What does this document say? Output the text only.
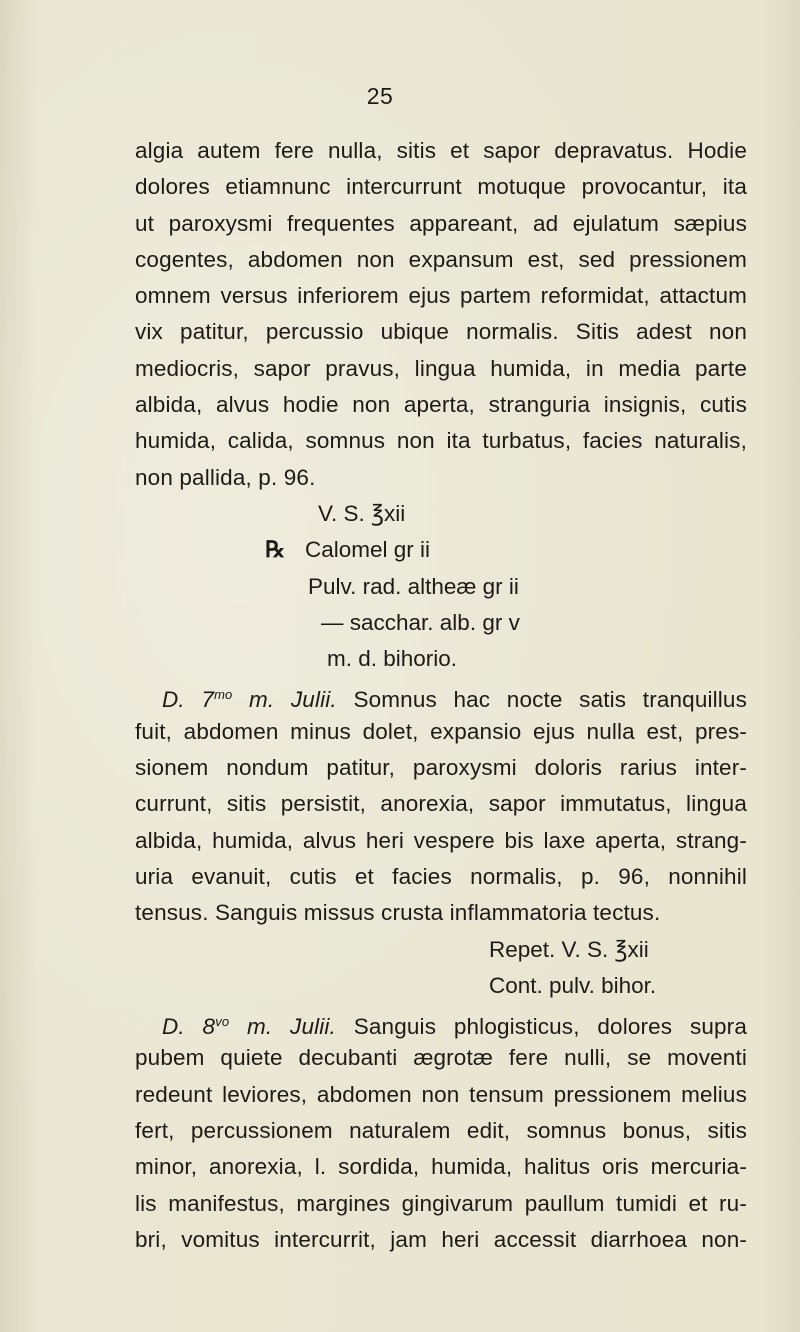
25
algia autem fere nulla, sitis et sapor depravatus. Hodie
dolores etiamnunc intercurrunt motuque provocantur, ita
ut paroxysmi frequentes appareant, ad ejulatum sæpius
cogentes, abdomen non expansum est, sed pressionem
omnem versus inferiorem ejus partem reformidat, attactum
vix patitur, percussio ubique normalis. Sitis adest non
mediocris, sapor pravus, lingua humida, in media parte
albida, alvus hodie non aperta, stranguria insignis, cutis
humida, calida, somnus non ita turbatus, facies naturalis,
non pallida, p. 96.
V. S. ℥xii
℞ Calomel gr ii
Pulv. rad. altheæ gr ii
— sacchar. alb. gr v
m. d. bihorio.
D. $7^{mo}$ m. Julii. Somnus hac nocte satis tranquillus
fuit, abdomen minus dolet, expansio ejus nulla est, pres-
sionem nondum patitur, paroxysmi doloris rarius inter-
currunt, sitis persistit, anorexia, sapor immutatus, lingua
albida, humida, alvus heri vespere bis laxe aperta, strang-
uria evanuit, cutis et facies normalis, p. 96, nonnihil
tensus. Sanguis missus crusta inflammatoria tectus.
Repet. V. S. ℥xii
Cont. pulv. bihor.
D. $8^{vo}$ m. Julii. Sanguis phlogisticus, dolores supra
pubem quiete decubanti ægrotæ fere nulli, se moventi
redeunt leviores, abdomen non tensum pressionem melius
fert, percussionem naturalem edit, somnus bonus, sitis
minor, anorexia, l. sordida, humida, halitus oris mercuria-
lis manifestus, margines gingivarum paullum tumidi et ru-
bri, vomitus intercurrit, jam heri accessit diarrhoea non-
